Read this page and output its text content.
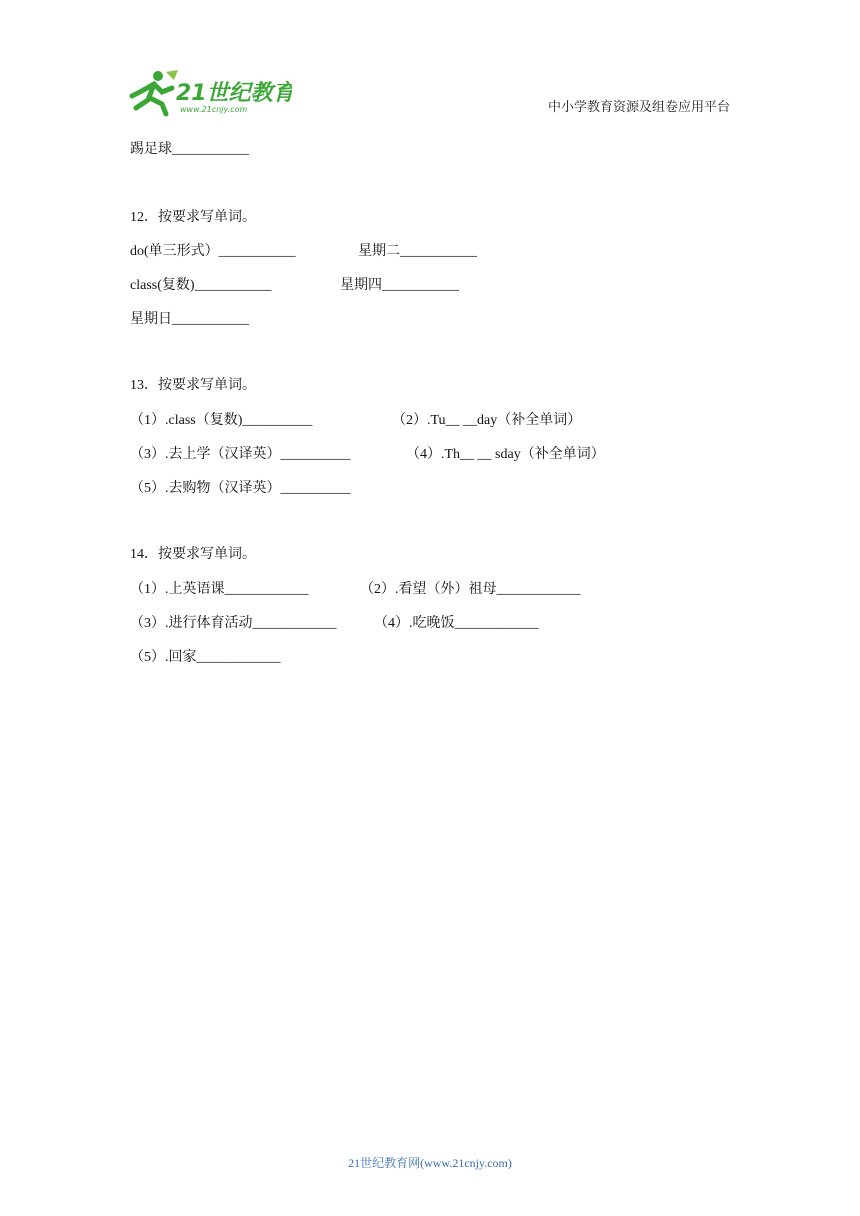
21世纪教育
www.21cnjy.com	中小学教育资源及组卷应用平台
踢足球___________
12．按要求写单词。
do(单三形式）___________	星期二___________
class(复数)___________	星期四___________
星期日___________
13．按要求写单词。
（1）.class（复数)__________	（2）.Tu__ __day（补全单词）
（3）.去上学（汉译英）__________	（4）.Th__ __ sday（补全单词）
（5）.去购物（汉译英）__________
14．按要求写单词。
（1）.上英语课____________	（2）.看望（外）祖母____________
（3）.进行体育活动____________	（4）.吃晚饭____________
（5）.回家____________
21世纪教育网(www.21cnjy.com)
